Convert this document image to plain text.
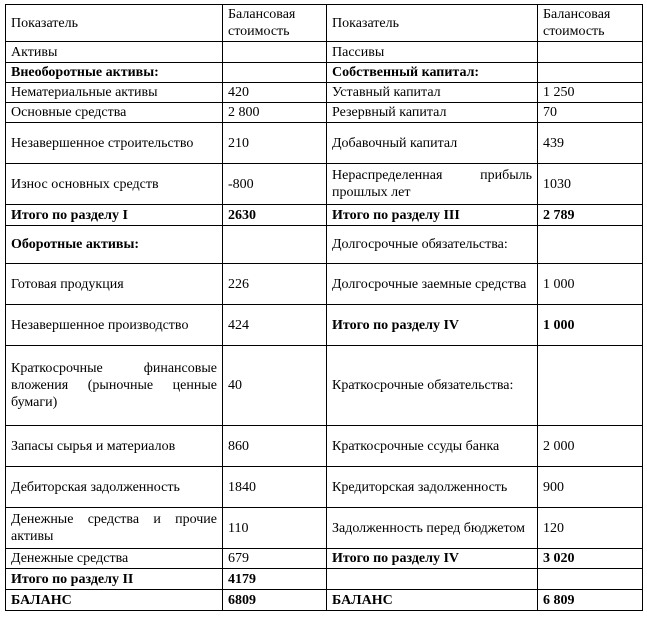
Показатель	Балансовая стоимость	Показатель	Балансовая стоимость
Активы		Пассивы	
Внеоборотные активы:		Собственный капитал:	
Нематериальные активы	420	Уставный капитал	1 250
Основные средства	2 800	Резервный капитал	70
Незавершенное строительство	210	Добавочный капитал	439
Износ основных средств	-800	Нераспределенная прибыль прошлых лет	1030
Итого по разделу I	2630	Итого по разделу III	2 789
Оборотные активы:		Долгосрочные обязательства:	
Готовая продукция	226	Долгосрочные заемные средства	1 000
Незавершенное производство	424	Итого по разделу IV	1 000
Краткосрочные финансовые вложения (рыночные ценные бумаги)	40	Краткосрочные обязательства:	
Запасы сырья и материалов	860	Краткосрочные ссуды банка	2 000
Дебиторская задолженность	1840	Кредиторская задолженность	900
Денежные средства и прочие активы	110	Задолженность перед бюджетом	120
Денежные средства	679	Итого по разделу IV	3 020
Итого по разделу II	4179		
БАЛАНС	6809	БАЛАНС	6 809
